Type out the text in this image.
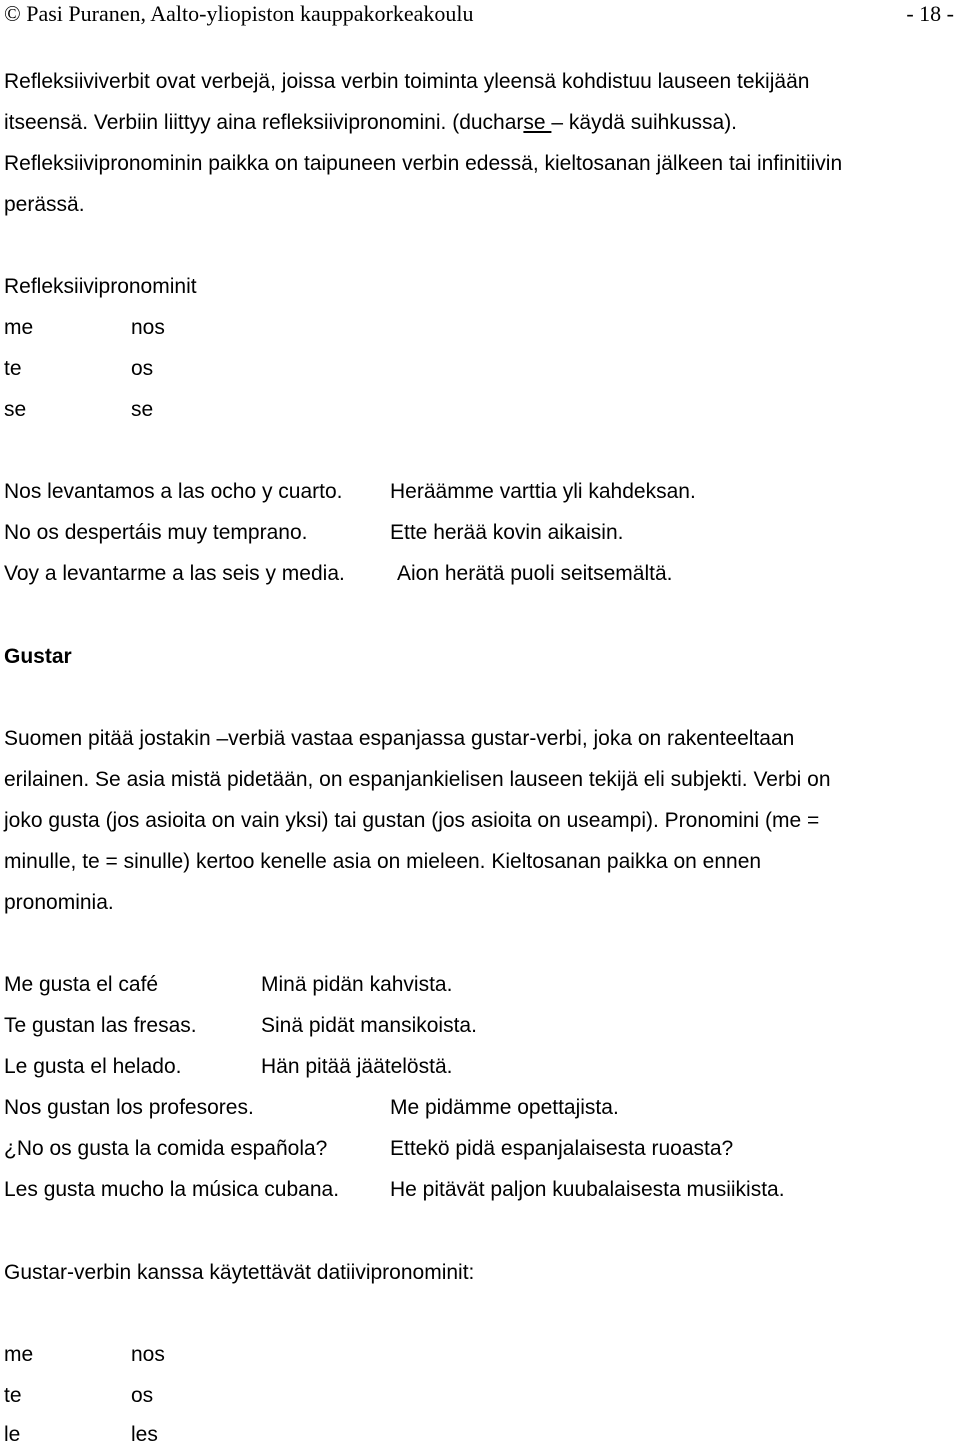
© Pasi Puranen, Aalto-yliopiston kauppakorkeakoulu	- 18 -
Refleksiiviverbit ovat verbejä, joissa verbin toiminta yleensä kohdistuu lauseen tekijään
itseensä. Verbiin liittyy aina refleksiivipronomini. (ducharse – käydä suihkussa).
Refleksiivipronominin paikka on taipuneen verbin edessä, kieltosanan jälkeen tai infinitiivin
perässä.
Refleksiivipronominit
me	nos
te	os
se	se
Nos levantamos a las ocho y cuarto. Heräämme varttia yli kahdeksan.
No os despertáis muy temprano.	Ette herää kovin aikaisin.
Voy a levantarme a las seis y media. Aion herätä puoli seitsemältä.
Gustar
Suomen pitää jostakin –verbiä vastaa espanjassa gustar-verbi, joka on rakenteeltaan
erilainen. Se asia mistä pidetään, on espanjankielisen lauseen tekijä eli subjekti. Verbi on
joko gusta (jos asioita on vain yksi) tai gustan (jos asioita on useampi). Pronomini (me =
minulle, te = sinulle) kertoo kenelle asia on mieleen. Kieltosanan paikka on ennen
pronominia.
Me gusta el café	Minä pidän kahvista.
Te gustan las fresas.	Sinä pidät mansikoista.
Le gusta el helado.	Hän pitää jäätelöstä.
Nos gustan los profesores.	Me pidämme opettajista.
¿No os gusta la comida española?	Ettekö pidä espanjalaisesta ruoasta?
Les gusta mucho la música cubana. He pitävät paljon kuubalaisesta musiikista.
Gustar-verbin kanssa käytettävät datiivipronominit:
me	nos
te	os
le	les
